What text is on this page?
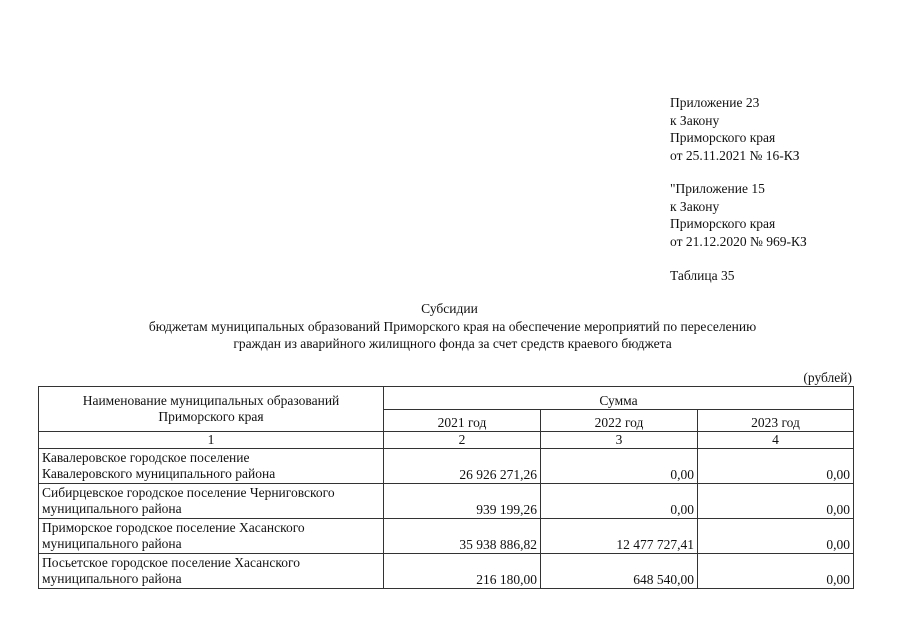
Приложение 23
к Закону
Приморского края
от 25.11.2021 № 16-КЗ
"Приложение 15
к Закону
Приморского края
от 21.12.2020 № 969-КЗ
Таблица 35
Субсидии
бюджетам муниципальных образований Приморского края на обеспечение мероприятий по переселению
граждан из аварийного жилищного фонда за счет средств краевого бюджета
(рублей)
Наименование муниципальных образований
Приморского края	Сумма		
	2021 год	2022 год	2023 год
1	2	3	4

Кавалеровское городское поселение
Кавалеровского муниципального района	26 926 271,26	0,00	0,00

Сибирцевское городское поселение Черниговского
муниципального района	939 199,26	0,00	0,00

Приморское городское поселение Хасанского
муниципального района	35 938 886,82	12 477 727,41	0,00

Посьетское городское поселение Хасанского
муниципального района	216 180,00	648 540,00	0,00
